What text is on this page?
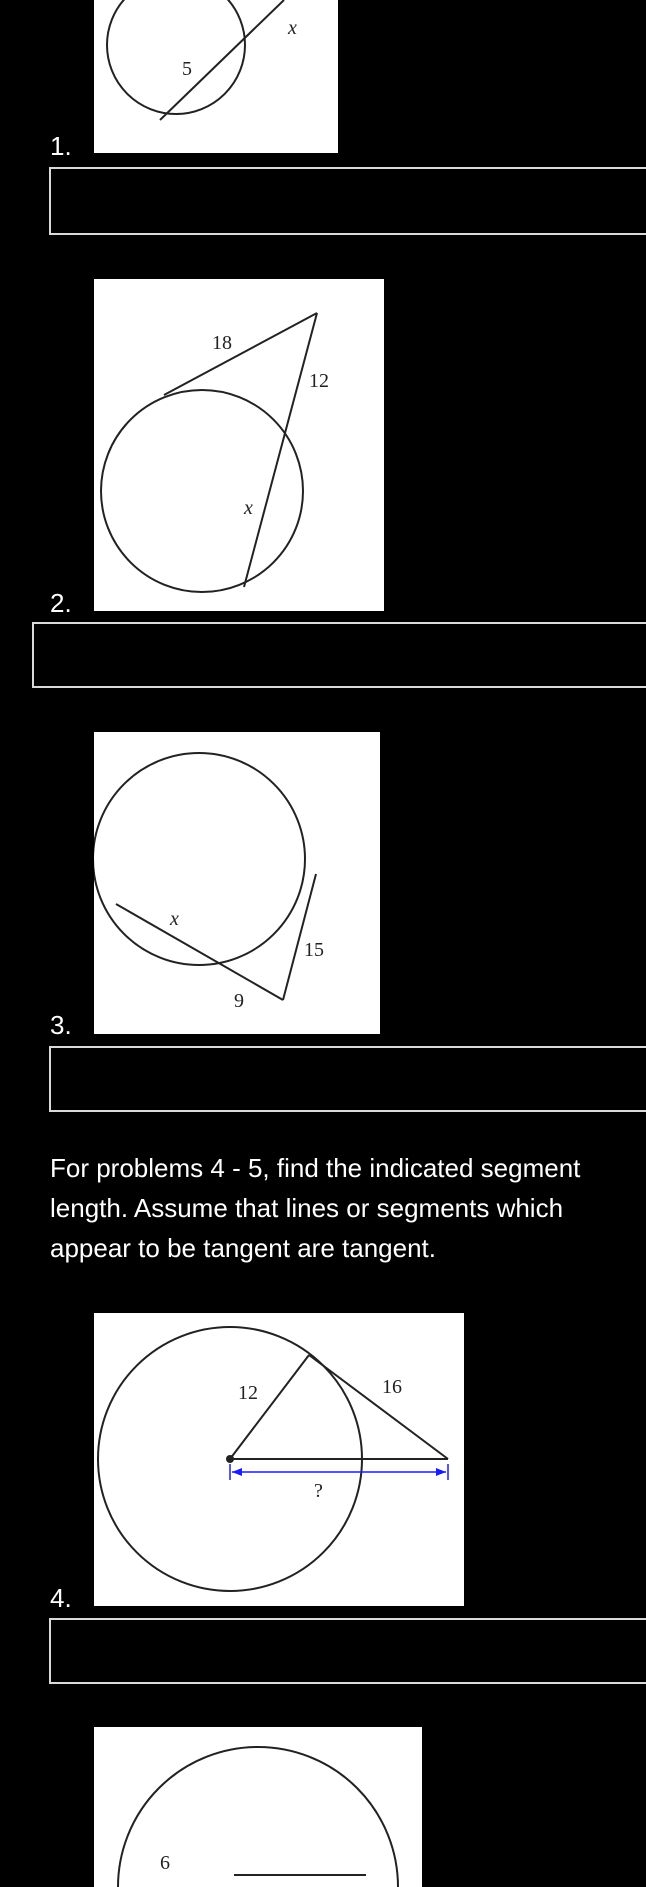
5
x
1.
18
12
x
2.
x
9
15
3.
For problems 4 - 5, find the indicated segment length. Assume that lines or segments which appear to be tangent are tangent.
12	16
?
4.
6
